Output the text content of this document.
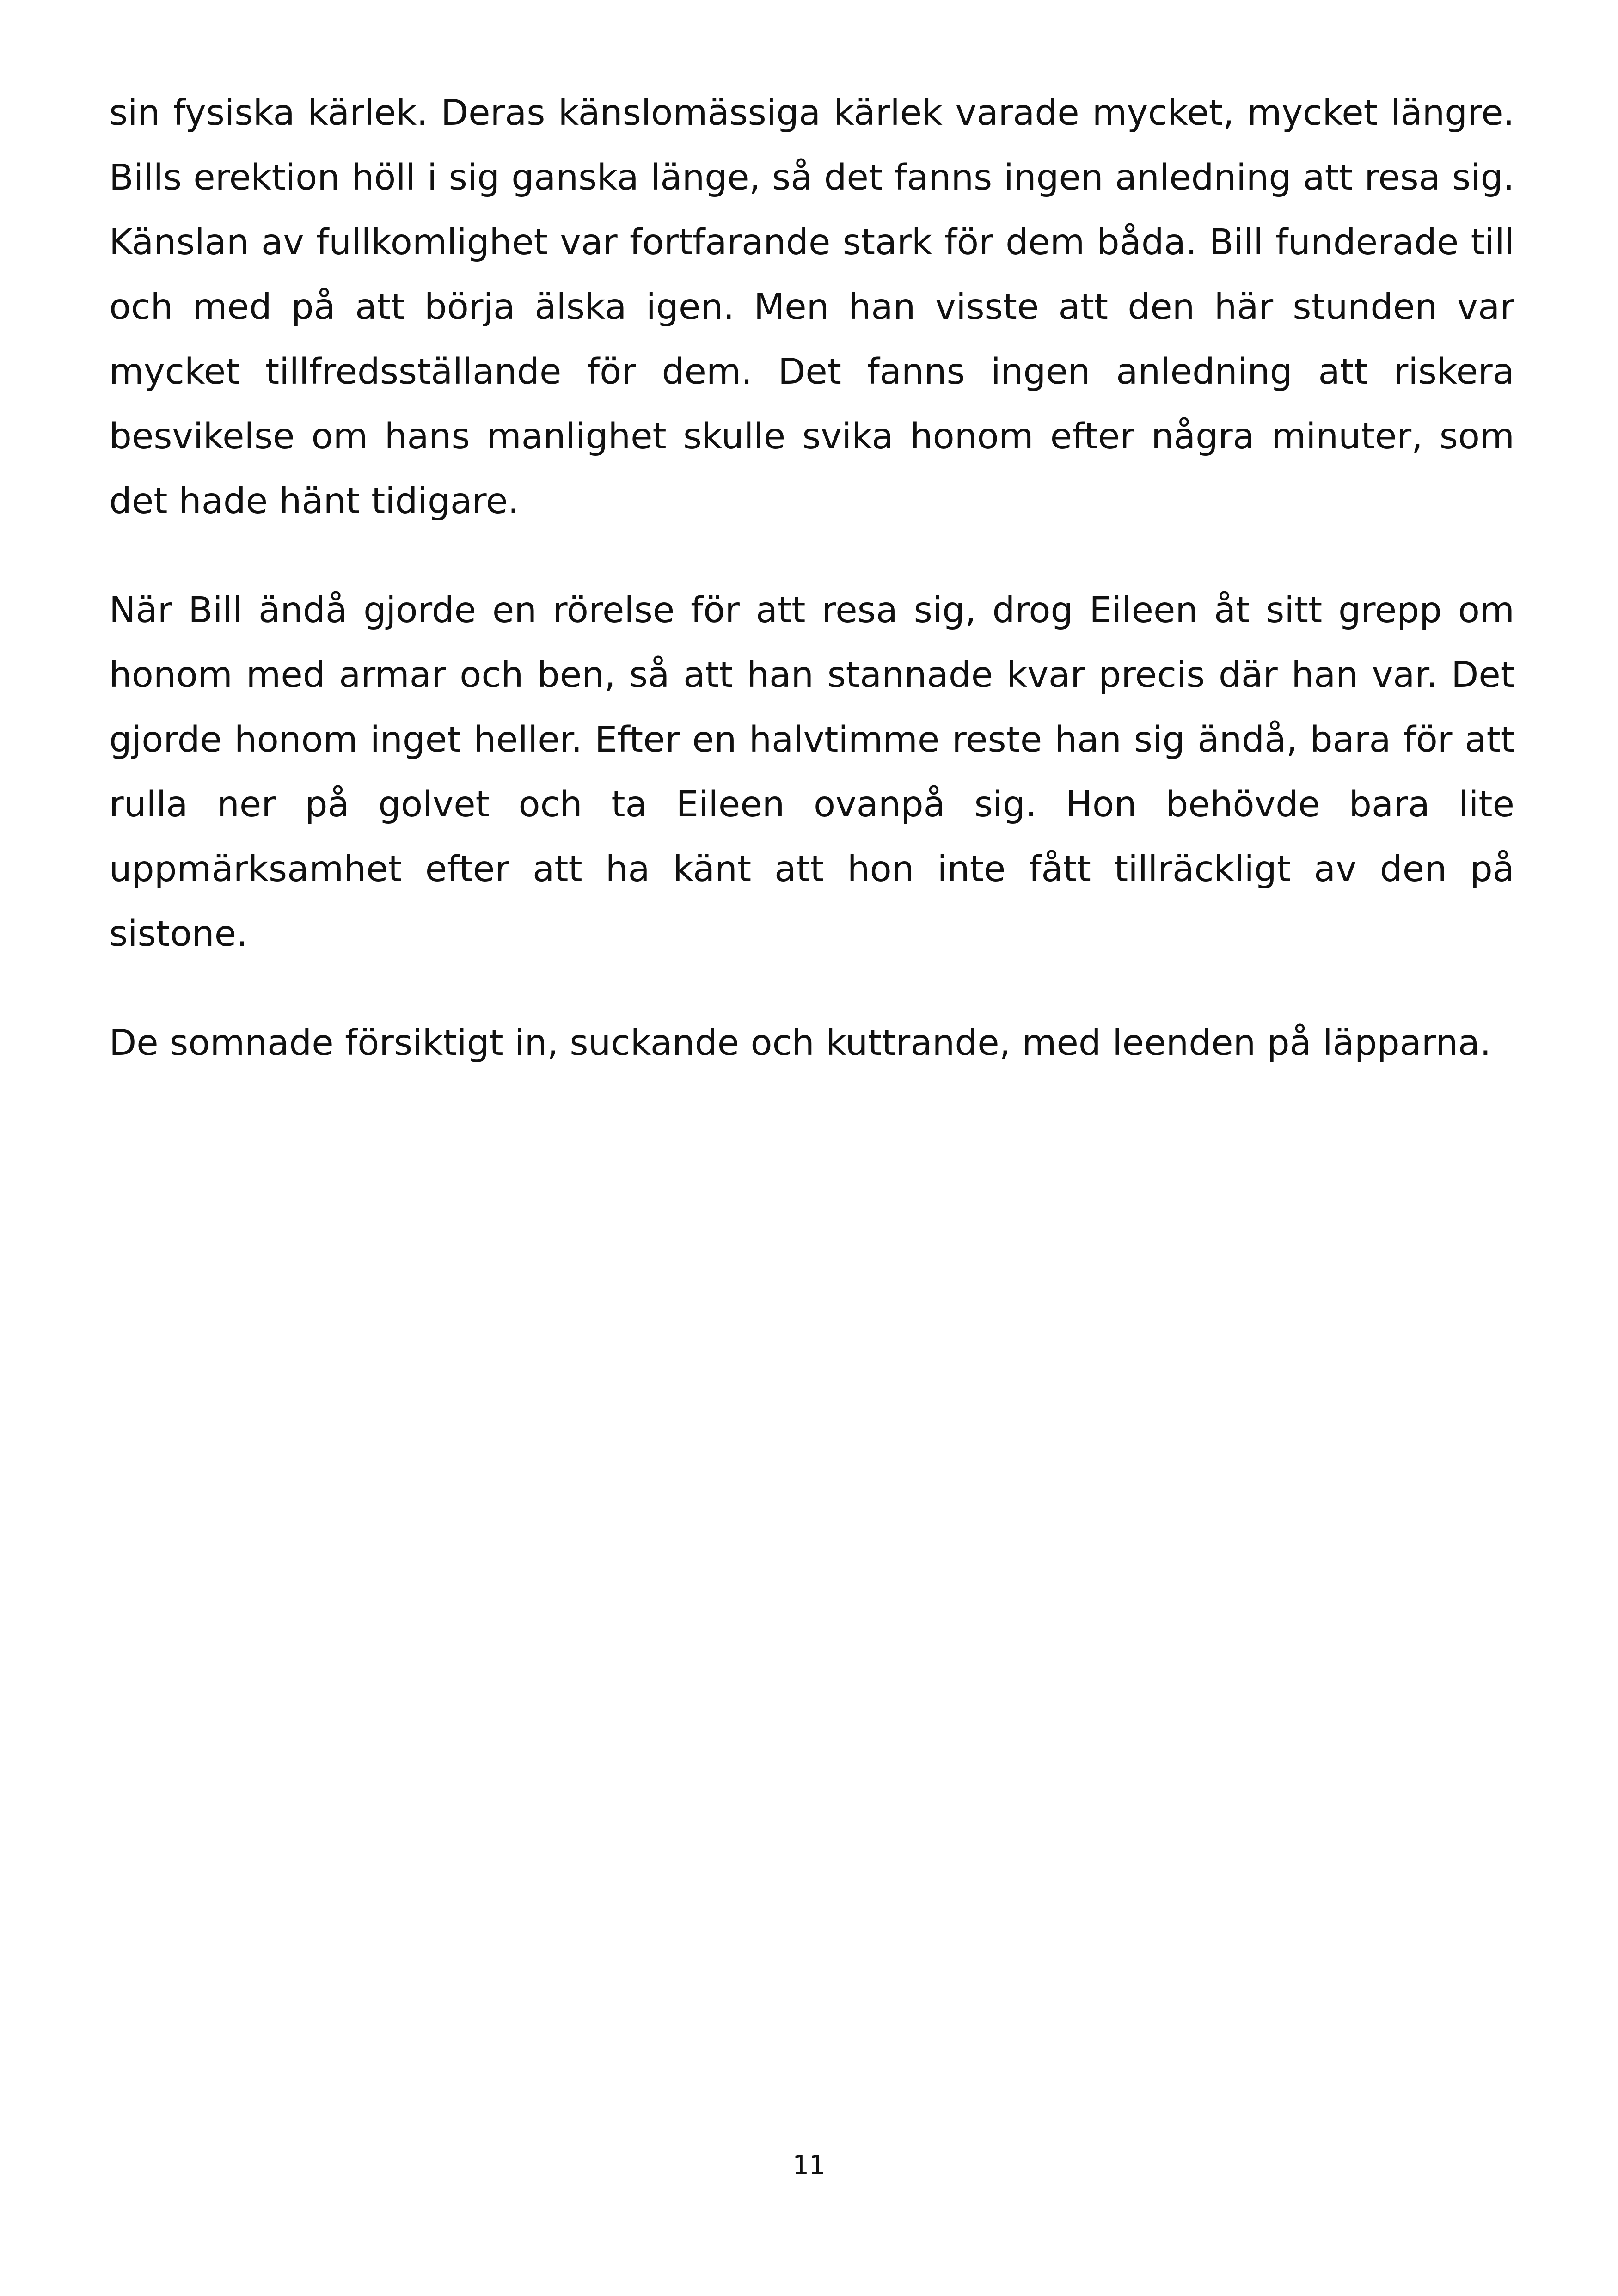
sin fysiska kärlek. Deras känslomässiga kärlek varade mycket, mycket längre. Bills erektion höll i sig ganska länge, så det fanns ingen anledning att resa sig. Känslan av fullkomlighet var fortfarande stark för dem båda. Bill funderade till och med på att börja älska igen. Men han visste att den här stunden var mycket tillfredsställande för dem. Det fanns ingen anledning att riskera besvikelse om hans manlighet skulle svika honom efter några minuter, som det hade hänt tidigare.

När Bill ändå gjorde en rörelse för att resa sig, drog Eileen åt sitt grepp om honom med armar och ben, så att han stannade kvar precis där han var. Det gjorde honom inget heller. Efter en halvtimme reste han sig ändå, bara för att rulla ner på golvet och ta Eileen ovanpå sig. Hon behövde bara lite uppmärksamhet efter att ha känt att hon inte fått tillräckligt av den på sistone.

De somnade försiktigt in, suckande och kuttrande, med leenden på läpparna.

11
